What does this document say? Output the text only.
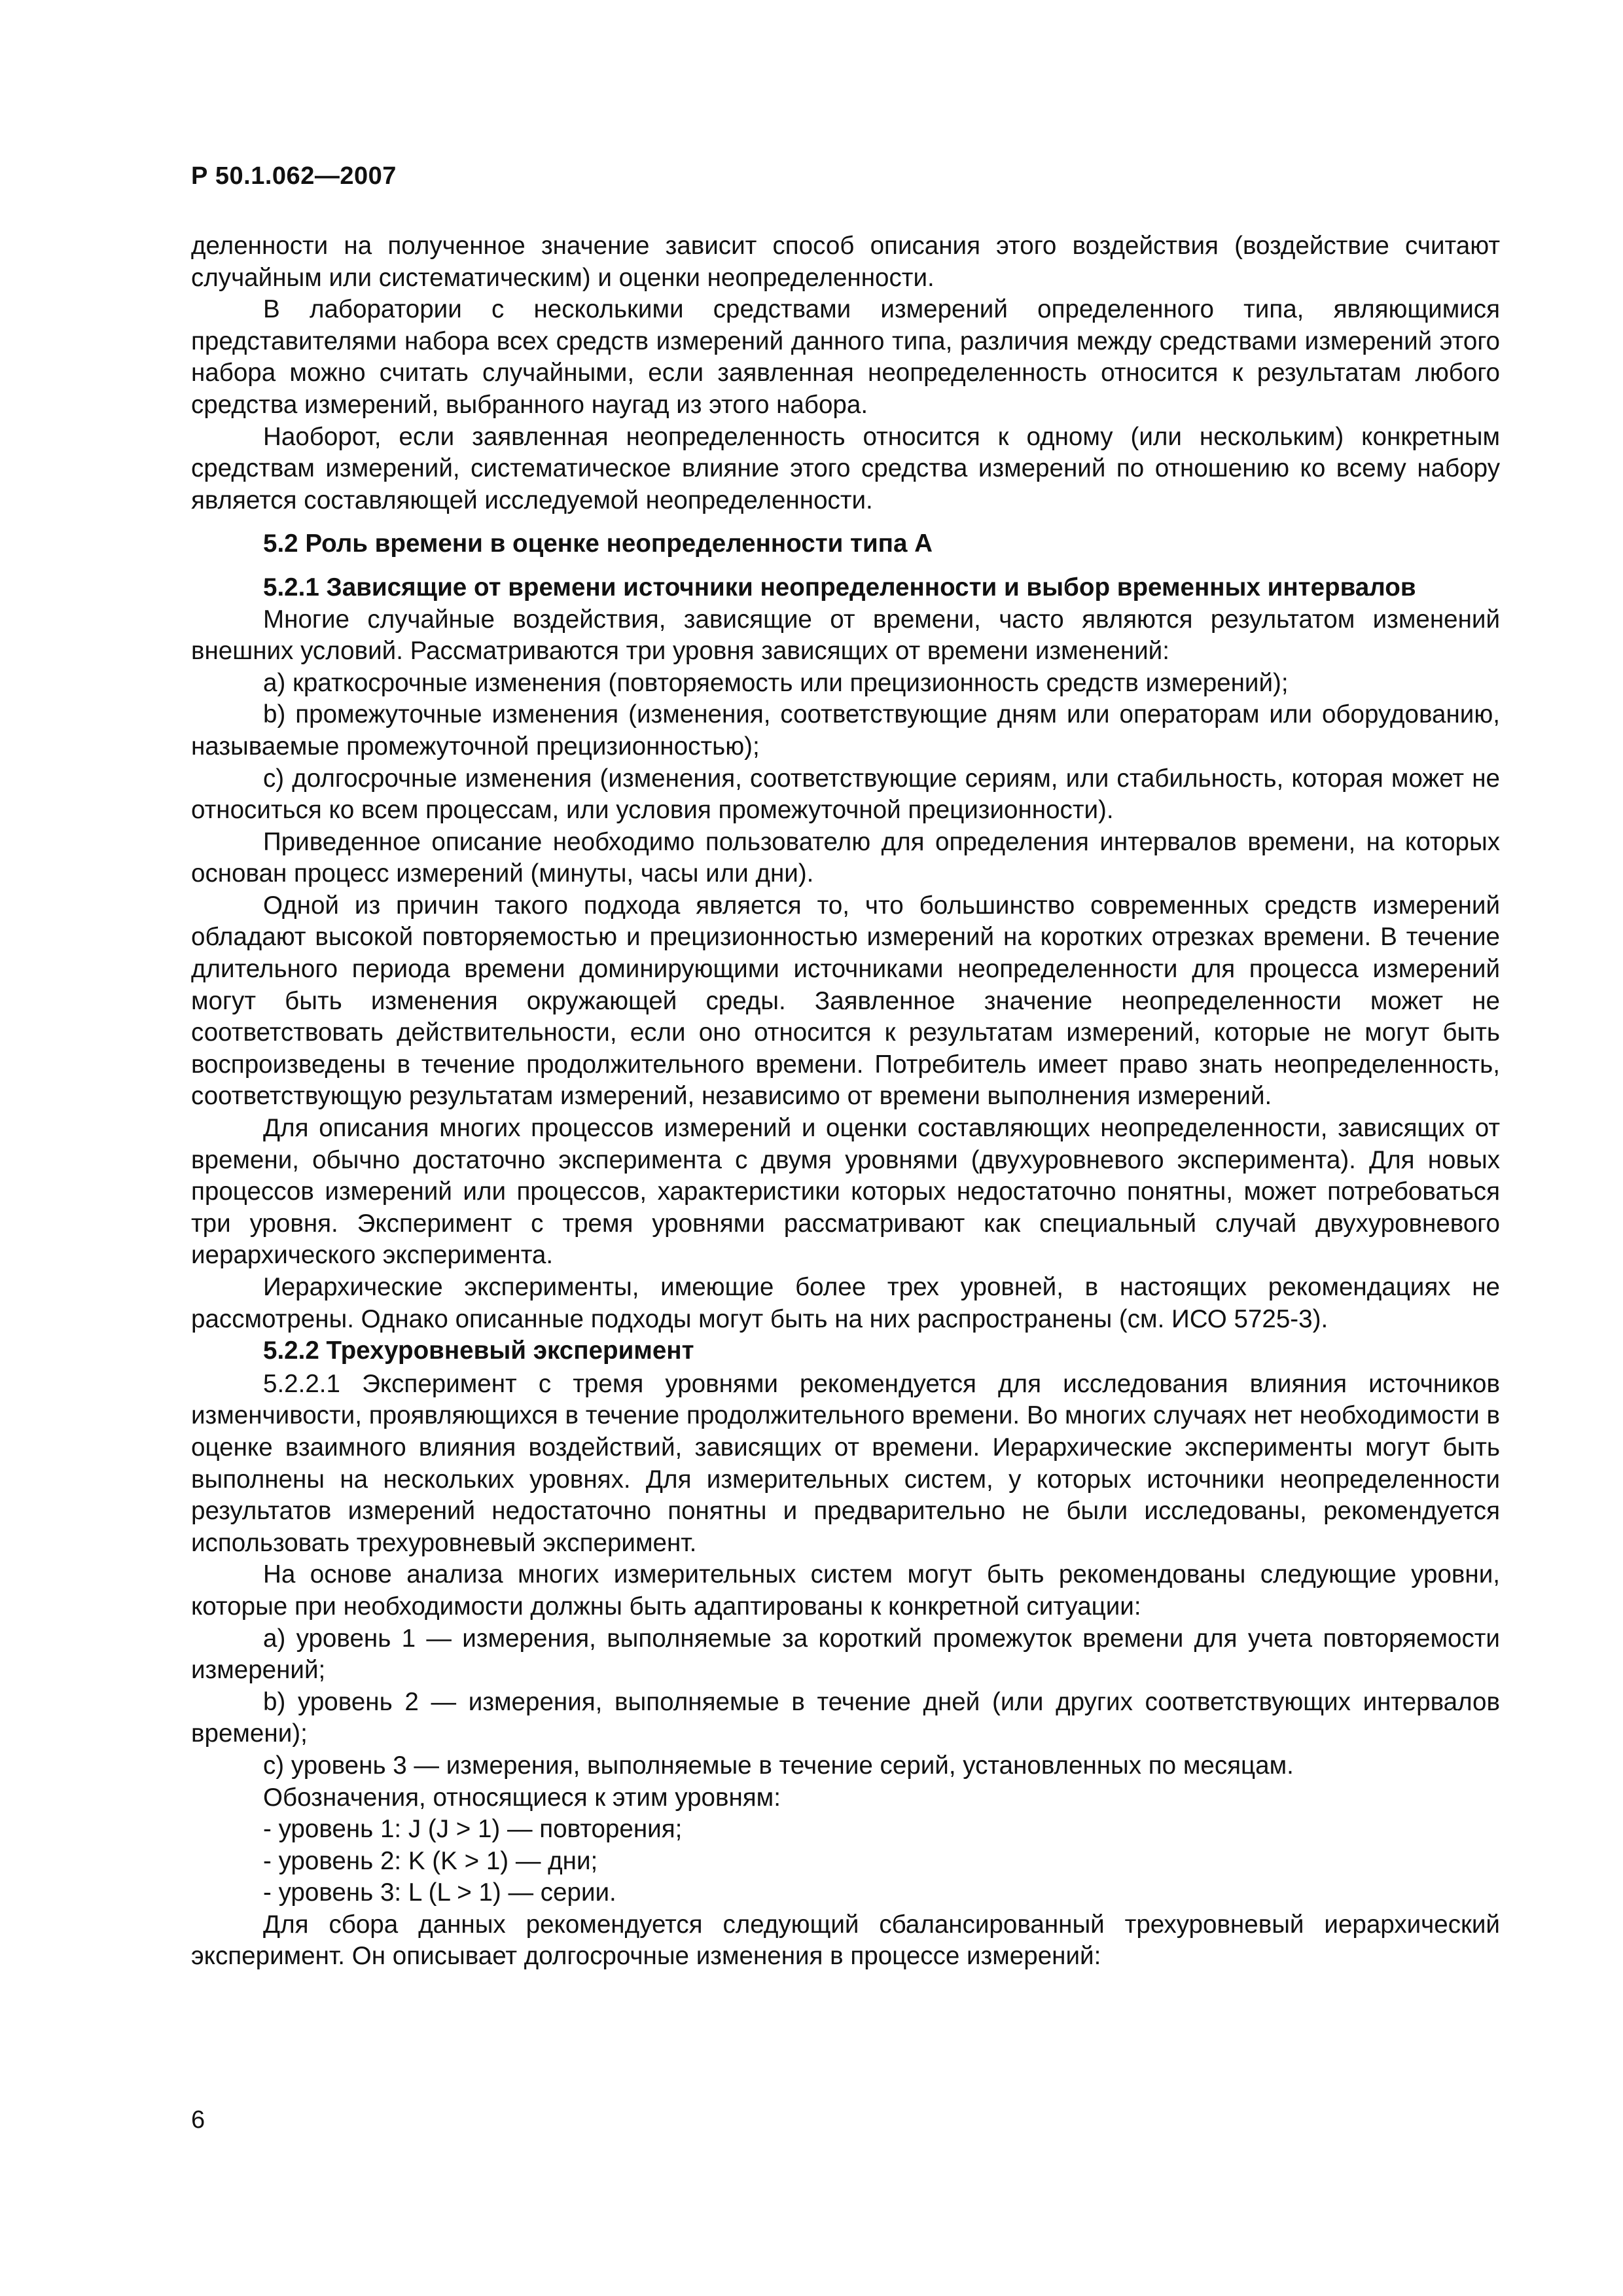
Р 50.1.062—2007

деленности на полученное значение зависит способ описания этого воздействия (воздействие считают случайным или систематическим) и оценки неопределенности.

В лаборатории с несколькими средствами измерений определенного типа, являющимися представителями набора всех средств измерений данного типа, различия между средствами измерений этого набора можно считать случайными, если заявленная неопределенность относится к результатам любого средства измерений, выбранного наугад из этого набора.

Наоборот, если заявленная неопределенность относится к одному (или нескольким) конкретным средствам измерений, систематическое влияние этого средства измерений по отношению ко всему набору является составляющей исследуемой неопределенности.

5.2 Роль времени в оценке неопределенности типа А

5.2.1 Зависящие от времени источники неопределенности и выбор временных интервалов

Многие случайные воздействия, зависящие от времени, часто являются результатом изменений внешних условий. Рассматриваются три уровня зависящих от времени изменений:

a) краткосрочные изменения (повторяемость или прецизионность средств измерений);

b) промежуточные изменения (изменения, соответствующие дням или операторам или оборудованию, называемые промежуточной прецизионностью);

c) долгосрочные изменения (изменения, соответствующие сериям, или стабильность, которая может не относиться ко всем процессам, или условия промежуточной прецизионности).

Приведенное описание необходимо пользователю для определения интервалов времени, на которых основан процесс измерений (минуты, часы или дни).

Одной из причин такого подхода является то, что большинство современных средств измерений обладают высокой повторяемостью и прецизионностью измерений на коротких отрезках времени. В течение длительного периода времени доминирующими источниками неопределенности для процесса измерений могут быть изменения окружающей среды. Заявленное значение неопределенности может не соответствовать действительности, если оно относится к результатам измерений, которые не могут быть воспроизведены в течение продолжительного времени. Потребитель имеет право знать неопределенность, соответствующую результатам измерений, независимо от времени выполнения измерений.

Для описания многих процессов измерений и оценки составляющих неопределенности, зависящих от времени, обычно достаточно эксперимента с двумя уровнями (двухуровневого эксперимента). Для новых процессов измерений или процессов, характеристики которых недостаточно понятны, может потребоваться три уровня. Эксперимент с тремя уровнями рассматривают как специальный случай двухуровневого иерархического эксперимента.

Иерархические эксперименты, имеющие более трех уровней, в настоящих рекомендациях не рассмотрены. Однако описанные подходы могут быть на них распространены (см. ИСО 5725-3).

5.2.2 Трехуровневый эксперимент

5.2.2.1 Эксперимент с тремя уровнями рекомендуется для исследования влияния источников изменчивости, проявляющихся в течение продолжительного времени. Во многих случаях нет необходимости в оценке взаимного влияния воздействий, зависящих от времени. Иерархические эксперименты могут быть выполнены на нескольких уровнях. Для измерительных систем, у которых источники неопределенности результатов измерений недостаточно понятны и предварительно не были исследованы, рекомендуется использовать трехуровневый эксперимент.

На основе анализа многих измерительных систем могут быть рекомендованы следующие уровни, которые при необходимости должны быть адаптированы к конкретной ситуации:

a) уровень 1 — измерения, выполняемые за короткий промежуток времени для учета повторяемости измерений;

b) уровень 2 — измерения, выполняемые в течение дней (или других соответствующих интервалов времени);

c) уровень 3 — измерения, выполняемые в течение серий, установленных по месяцам.

Обозначения, относящиеся к этим уровням:

- уровень 1: J (J > 1) — повторения;

- уровень 2: K (K > 1) — дни;

- уровень 3: L (L > 1) — серии.

Для сбора данных рекомендуется следующий сбалансированный трехуровневый иерархический эксперимент. Он описывает долгосрочные изменения в процессе измерений:

6
